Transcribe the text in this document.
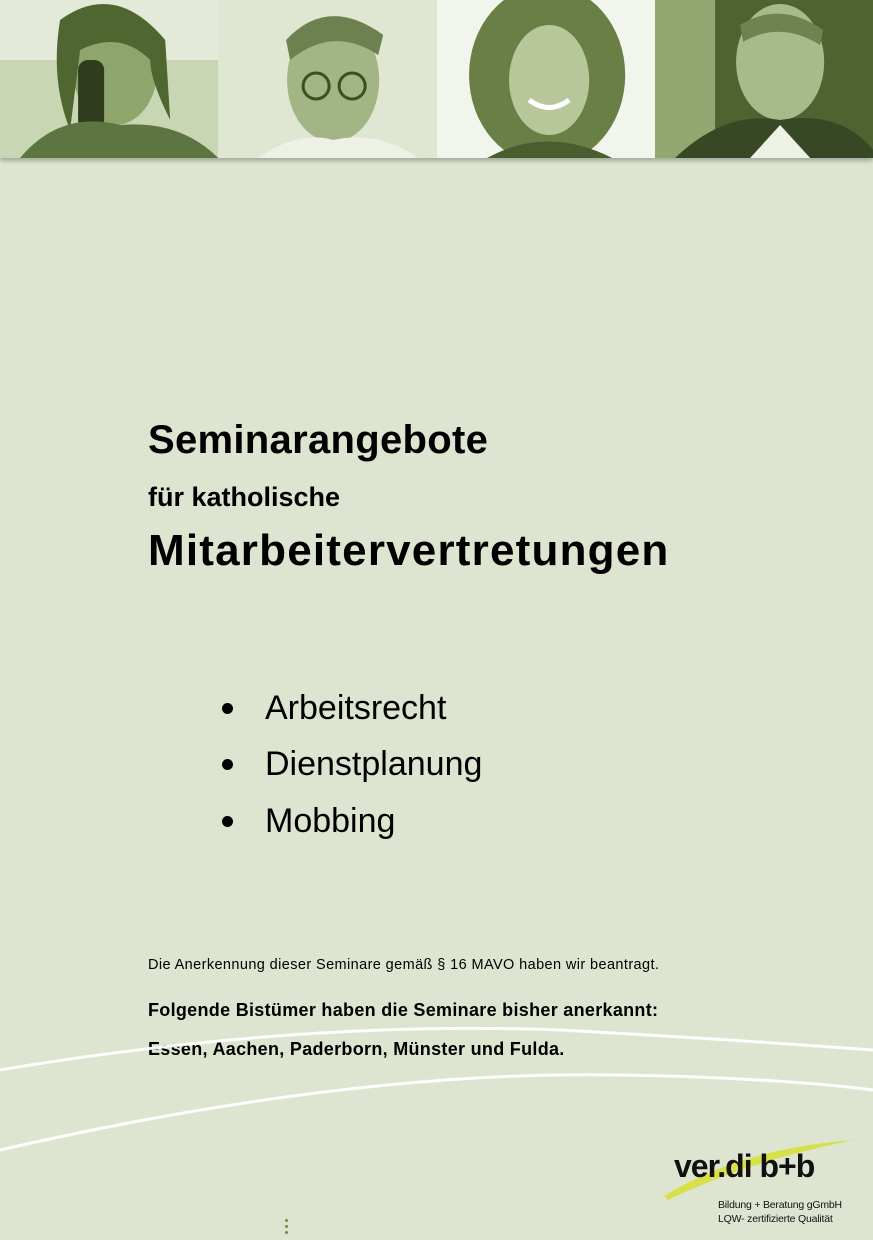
Seminarangebote
für katholische
Mitarbeitervertretungen
Arbeitsrecht
Dienstplanung
Mobbing

Die Anerkennung dieser Seminare gemäß § 16 MAVO haben wir beantragt.

Folgende Bistümer haben die Seminare bisher anerkannt:

Essen, Aachen, Paderborn, Münster und Fulda.

ver.di b+b

Bildung + Beratung gGmbH

LQW- zertifizierte Qualität
